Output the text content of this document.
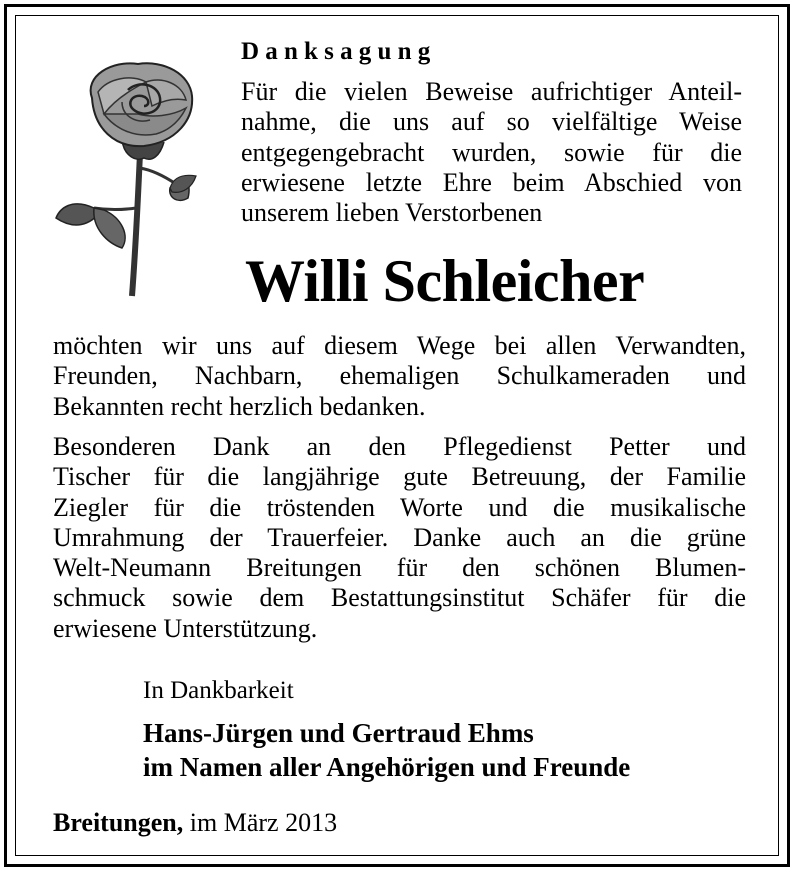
Danksagung

Für die vielen Beweise aufrichtiger Anteil-
nahme, die uns auf so vielfältige Weise
entgegengebracht wurden, sowie für die
erwiesene letzte Ehre beim Abschied von
unserem lieben Verstorbenen

Willi Schleicher

möchten wir uns auf diesem Wege bei allen Verwandten,
Freunden, Nachbarn, ehemaligen Schulkameraden und
Bekannten recht herzlich bedanken.

Besonderen Dank an den Pflegedienst Petter und
Tischer für die langjährige gute Betreuung, der Familie
Ziegler für die tröstenden Worte und die musikalische
Umrahmung der Trauerfeier. Danke auch an die grüne
Welt-Neumann Breitungen für den schönen Blumen-
schmuck sowie dem Bestattungsinstitut Schäfer für die
erwiesene Unterstützung.

In Dankbarkeit
Hans-Jürgen und Gertraud Ehms
im Namen aller Angehörigen und Freunde
Breitungen, im März 2013
